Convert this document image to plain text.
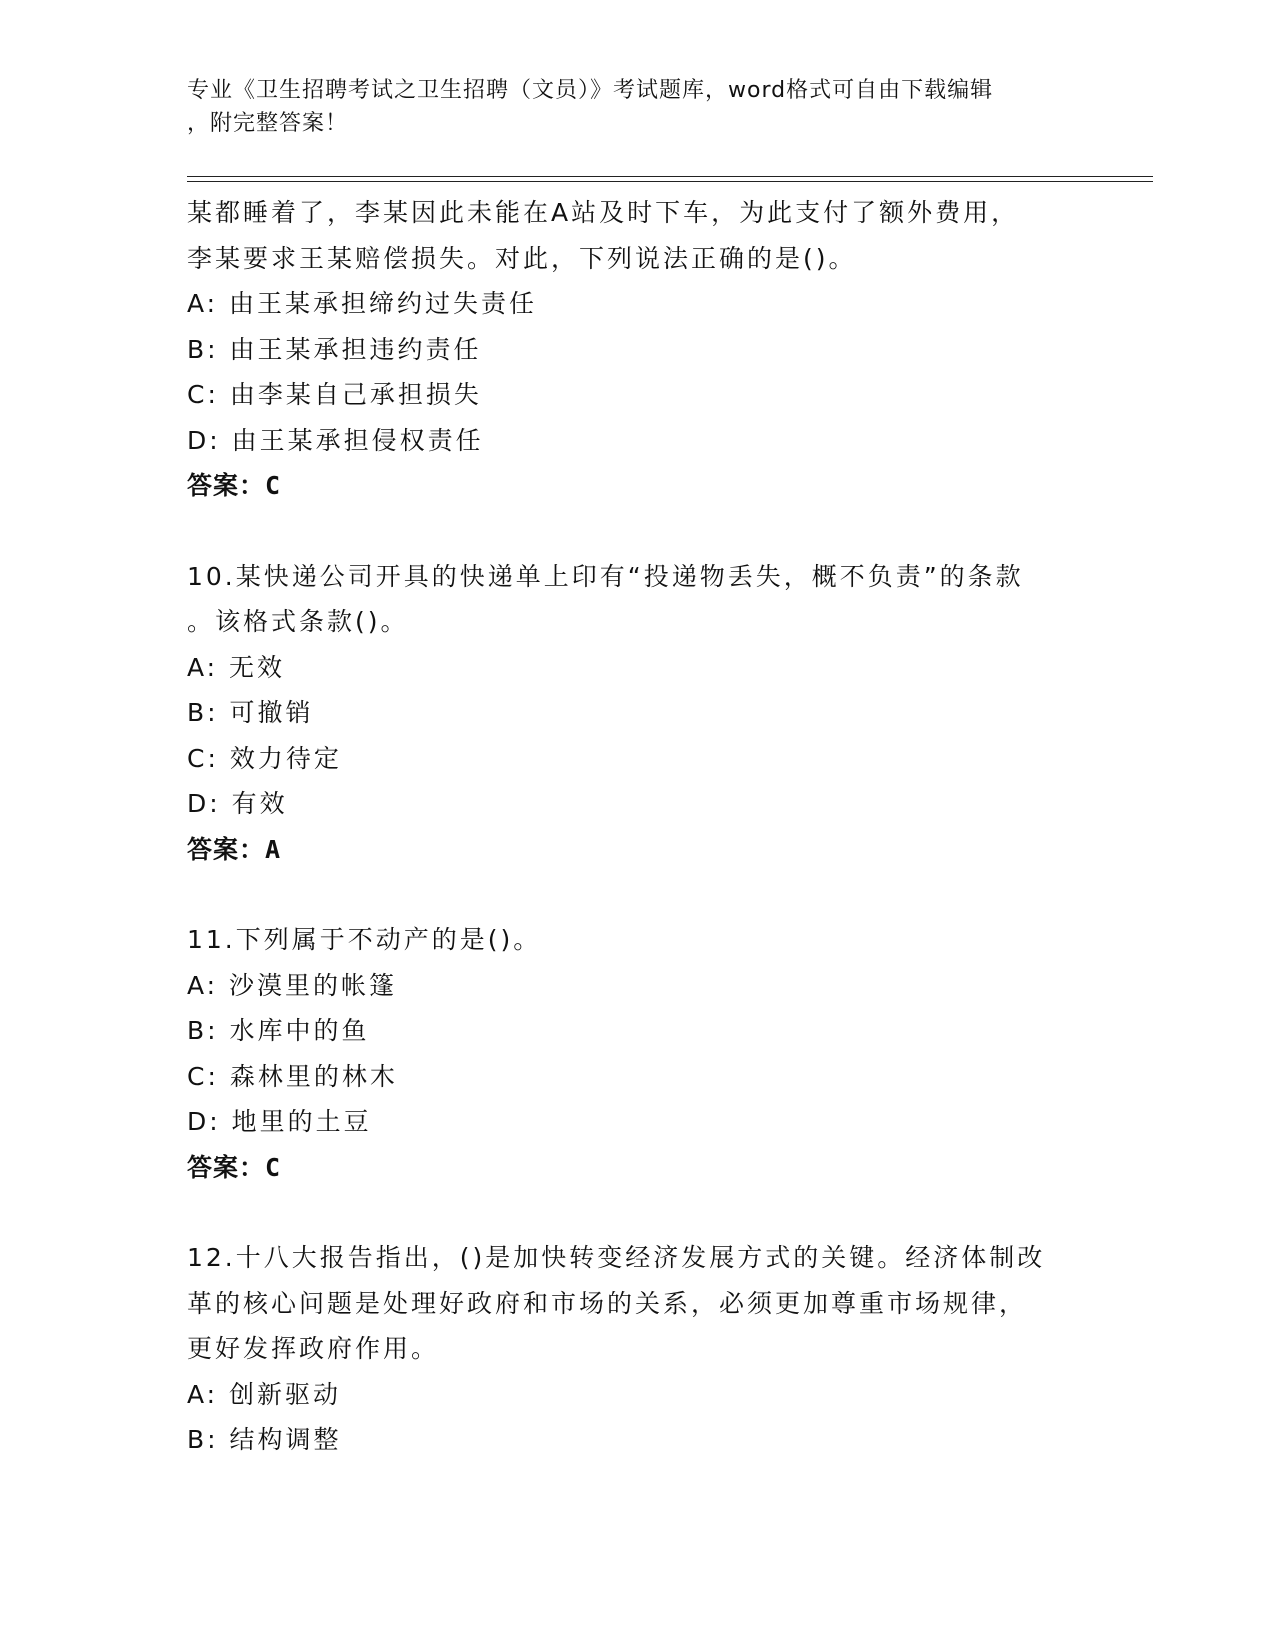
专业《卫生招聘考试之卫生招聘（文员）》考试题库，word格式可自由下载编辑
，附完整答案！
某都睡着了，李某因此未能在A站及时下车，为此支付了额外费用，
李某要求王某赔偿损失。对此，下列说法正确的是()。
A: 由王某承担缔约过失责任
B: 由王某承担违约责任
C: 由李某自己承担损失
D: 由王某承担侵权责任
答案：C
10.某快递公司开具的快递单上印有“投递物丢失，概不负责”的条款
。该格式条款()。
A: 无效
B: 可撤销
C: 效力待定
D: 有效
答案：A
11.下列属于不动产的是()。
A: 沙漠里的帐篷
B: 水库中的鱼
C: 森林里的林木
D: 地里的土豆
答案：C
12.十八大报告指出，()是加快转变经济发展方式的关键。经济体制改
革的核心问题是处理好政府和市场的关系，必须更加尊重市场规律，
更好发挥政府作用。
A: 创新驱动
B: 结构调整
